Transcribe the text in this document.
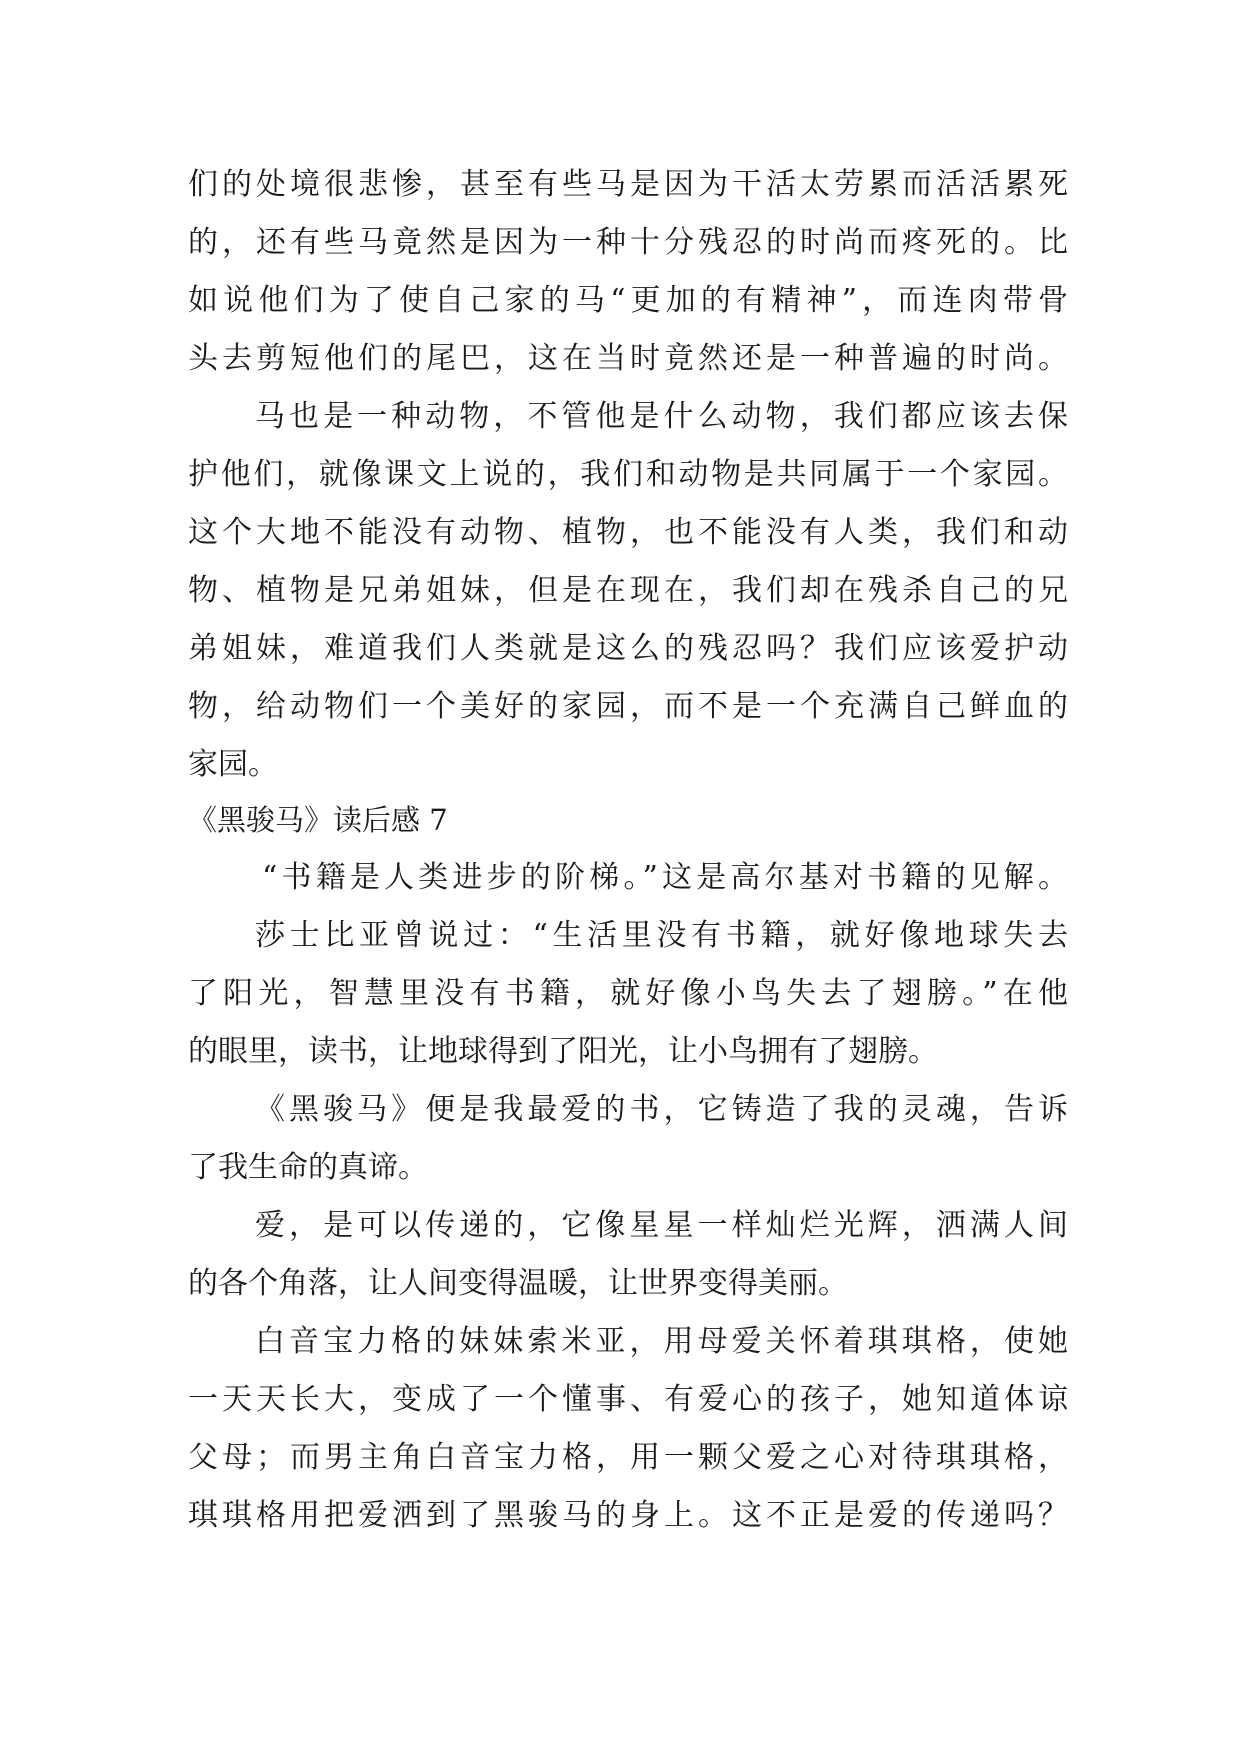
们的处境很悲惨，甚至有些马是因为干活太劳累而活活累死
的，还有些马竟然是因为一种十分残忍的时尚而疼死的。比
如说他们为了使自己家的马“更加的有精神”，而连肉带骨
头去剪短他们的尾巴，这在当时竟然还是一种普遍的时尚。
马也是一种动物，不管他是什么动物，我们都应该去保
护他们，就像课文上说的，我们和动物是共同属于一个家园。
这个大地不能没有动物、植物，也不能没有人类，我们和动
物、植物是兄弟姐妹，但是在现在，我们却在残杀自己的兄
弟姐妹，难道我们人类就是这么的残忍吗？我们应该爱护动
物，给动物们一个美好的家园，而不是一个充满自己鲜血的
家园。
《黑骏马》读后感 7
“书籍是人类进步的阶梯。”这是高尔基对书籍的见解。
莎士比亚曾说过：“生活里没有书籍，就好像地球失去
了阳光，智慧里没有书籍，就好像小鸟失去了翅膀。”在他
的眼里，读书，让地球得到了阳光，让小鸟拥有了翅膀。
《黑骏马》便是我最爱的书，它铸造了我的灵魂，告诉
了我生命的真谛。
爱，是可以传递的，它像星星一样灿烂光辉，洒满人间
的各个角落，让人间变得温暖，让世界变得美丽。
白音宝力格的妹妹索米亚，用母爱关怀着琪琪格，使她
一天天长大，变成了一个懂事、有爱心的孩子，她知道体谅
父母；而男主角白音宝力格，用一颗父爱之心对待琪琪格，
琪琪格用把爱洒到了黑骏马的身上。这不正是爱的传递吗？
